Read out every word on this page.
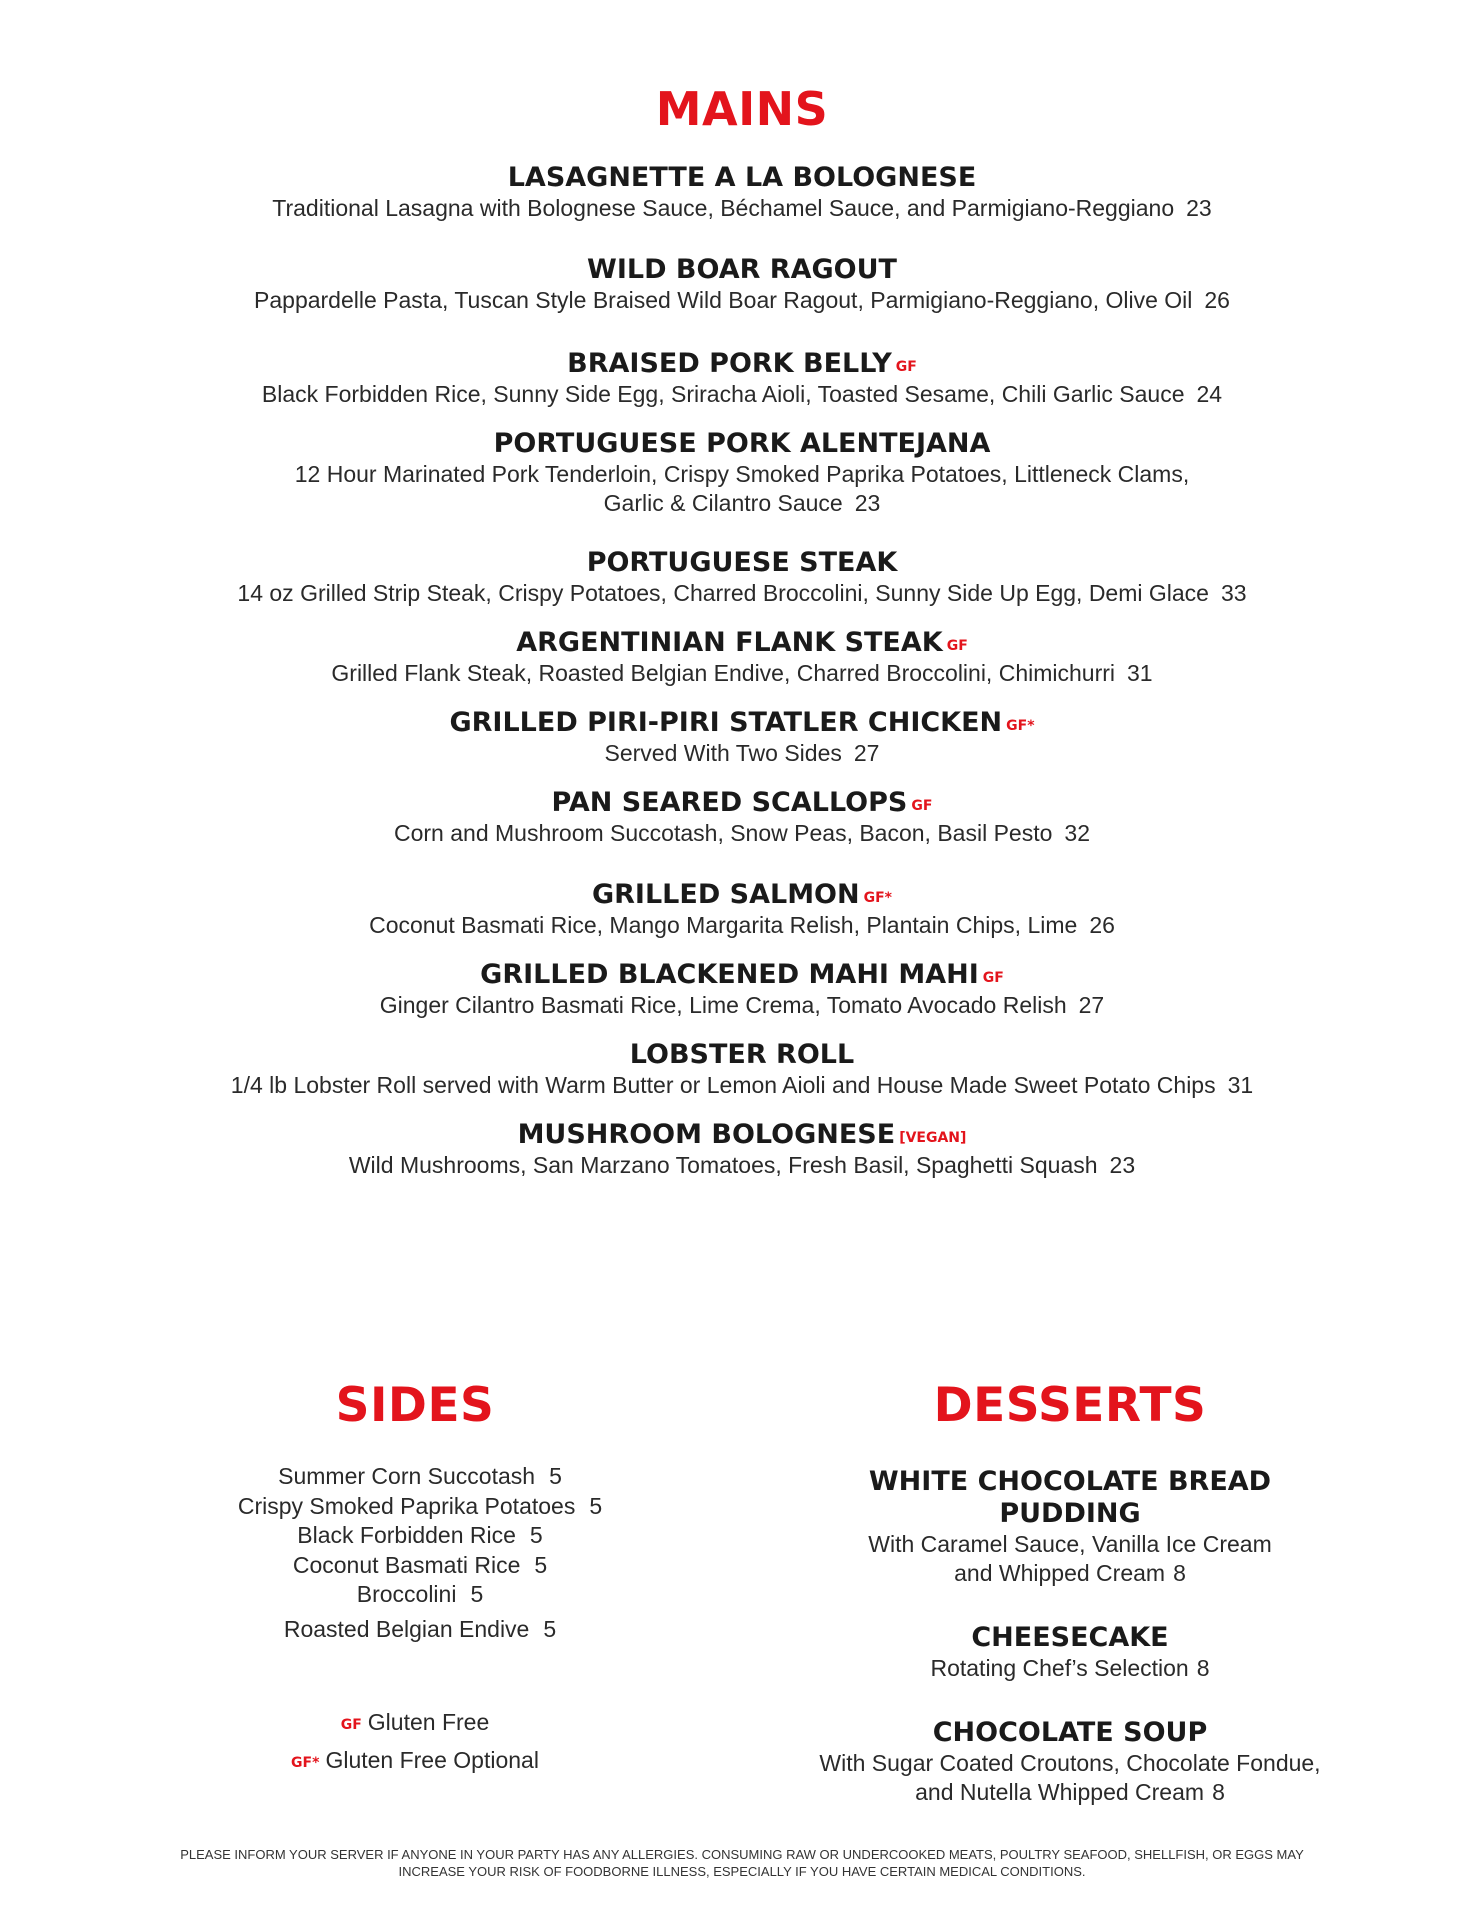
MAINS
LASAGNETTE A LA BOLOGNESE
Traditional Lasagna with Bolognese Sauce, Béchamel Sauce, and Parmigiano-Reggiano 23
WILD BOAR RAGOUT
Pappardelle Pasta, Tuscan Style Braised Wild Boar Ragout, Parmigiano-Reggiano, Olive Oil 26
BRAISED PORK BELLY GF
Black Forbidden Rice, Sunny Side Egg, Sriracha Aioli, Toasted Sesame, Chili Garlic Sauce 24
PORTUGUESE PORK ALENTEJANA
12 Hour Marinated Pork Tenderloin, Crispy Smoked Paprika Potatoes, Littleneck Clams,
Garlic & Cilantro Sauce 23
PORTUGUESE STEAK
14 oz Grilled Strip Steak, Crispy Potatoes, Charred Broccolini, Sunny Side Up Egg, Demi Glace 33
ARGENTINIAN FLANK STEAK GF
Grilled Flank Steak, Roasted Belgian Endive, Charred Broccolini, Chimichurri 31
GRILLED PIRI-PIRI STATLER CHICKEN GF*
Served With Two Sides 27
PAN SEARED SCALLOPS GF
Corn and Mushroom Succotash, Snow Peas, Bacon, Basil Pesto 32
GRILLED SALMON GF*
Coconut Basmati Rice, Mango Margarita Relish, Plantain Chips, Lime 26
GRILLED BLACKENED MAHI MAHI GF
Ginger Cilantro Basmati Rice, Lime Crema, Tomato Avocado Relish 27
LOBSTER ROLL
1/4 lb Lobster Roll served with Warm Butter or Lemon Aioli and House Made Sweet Potato Chips 31
MUSHROOM BOLOGNESE [VEGAN]
Wild Mushrooms, San Marzano Tomatoes, Fresh Basil, Spaghetti Squash 23
SIDES
Summer Corn Succotash 5
Crispy Smoked Paprika Potatoes 5
Black Forbidden Rice 5
Coconut Basmati Rice 5
Broccolini 5
Roasted Belgian Endive 5
GF Gluten Free
GF* Gluten Free Optional
DESSERTS
WHITE CHOCOLATE BREAD PUDDING
With Caramel Sauce, Vanilla Ice Cream
and Whipped Cream 8
CHEESECAKE
Rotating Chef’s Selection 8
CHOCOLATE SOUP
With Sugar Coated Croutons, Chocolate Fondue,
and Nutella Whipped Cream 8
PLEASE INFORM YOUR SERVER IF ANYONE IN YOUR PARTY HAS ANY ALLERGIES. CONSUMING RAW OR UNDERCOOKED MEATS, POULTRY SEAFOOD, SHELLFISH, OR EGGS MAY
INCREASE YOUR RISK OF FOODBORNE ILLNESS, ESPECIALLY IF YOU HAVE CERTAIN MEDICAL CONDITIONS.
